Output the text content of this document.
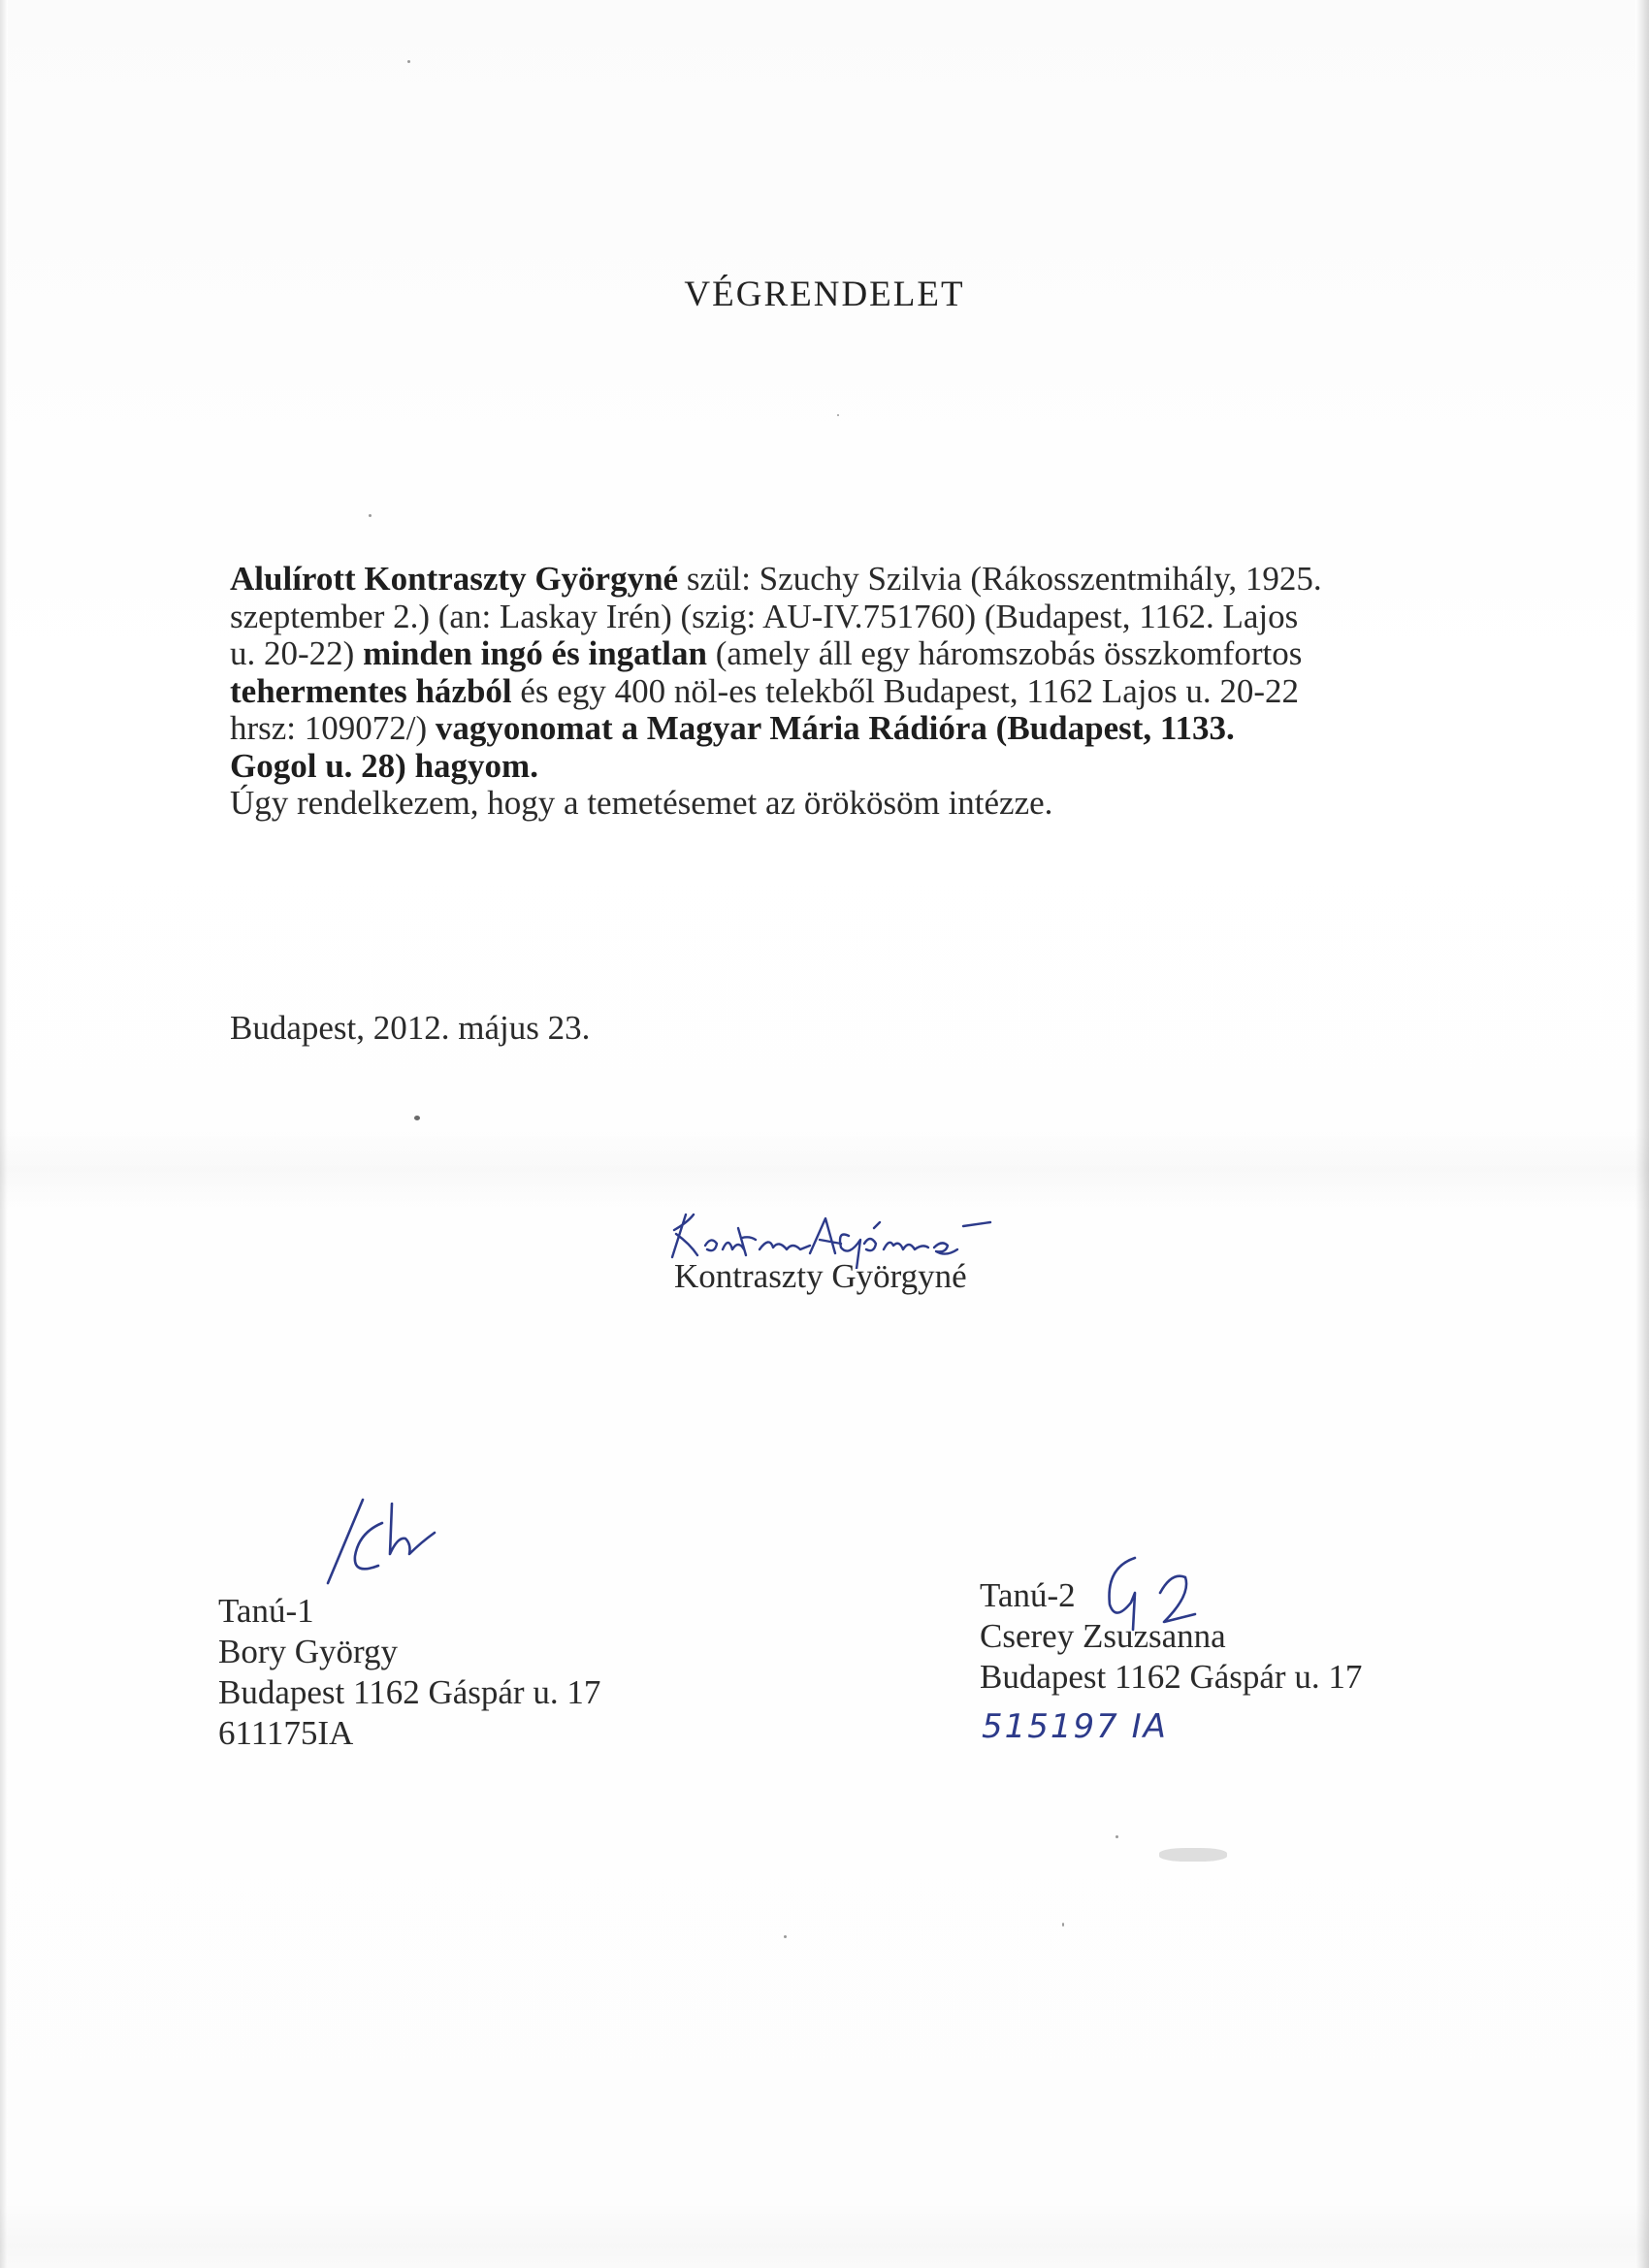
VÉGRENDELET
Alulírott Kontraszty Györgyné szül: Szuchy Szilvia (Rákosszentmihály, 1925.
szeptember 2.) (an: Laskay Irén) (szig: AU-IV.751760) (Budapest, 1162. Lajos
u. 20-22) minden ingó és ingatlan (amely áll egy háromszobás összkomfortos
tehermentes házból és egy 400 nöl-es telekből Budapest, 1162 Lajos u. 20-22
hrsz: 109072/) vagyonomat a Magyar Mária Rádióra (Budapest, 1133.
Gogol u. 28) hagyom.
Úgy rendelkezem, hogy a temetésemet az örökösöm intézze.
Budapest, 2012. május 23.
Kontraszty Györgyné
Tanú-1
Bory György
Budapest 1162 Gáspár u. 17
611175IA
Tanú-2
Cserey Zsuzsanna
Budapest 1162 Gáspár u. 17
515197 IA
